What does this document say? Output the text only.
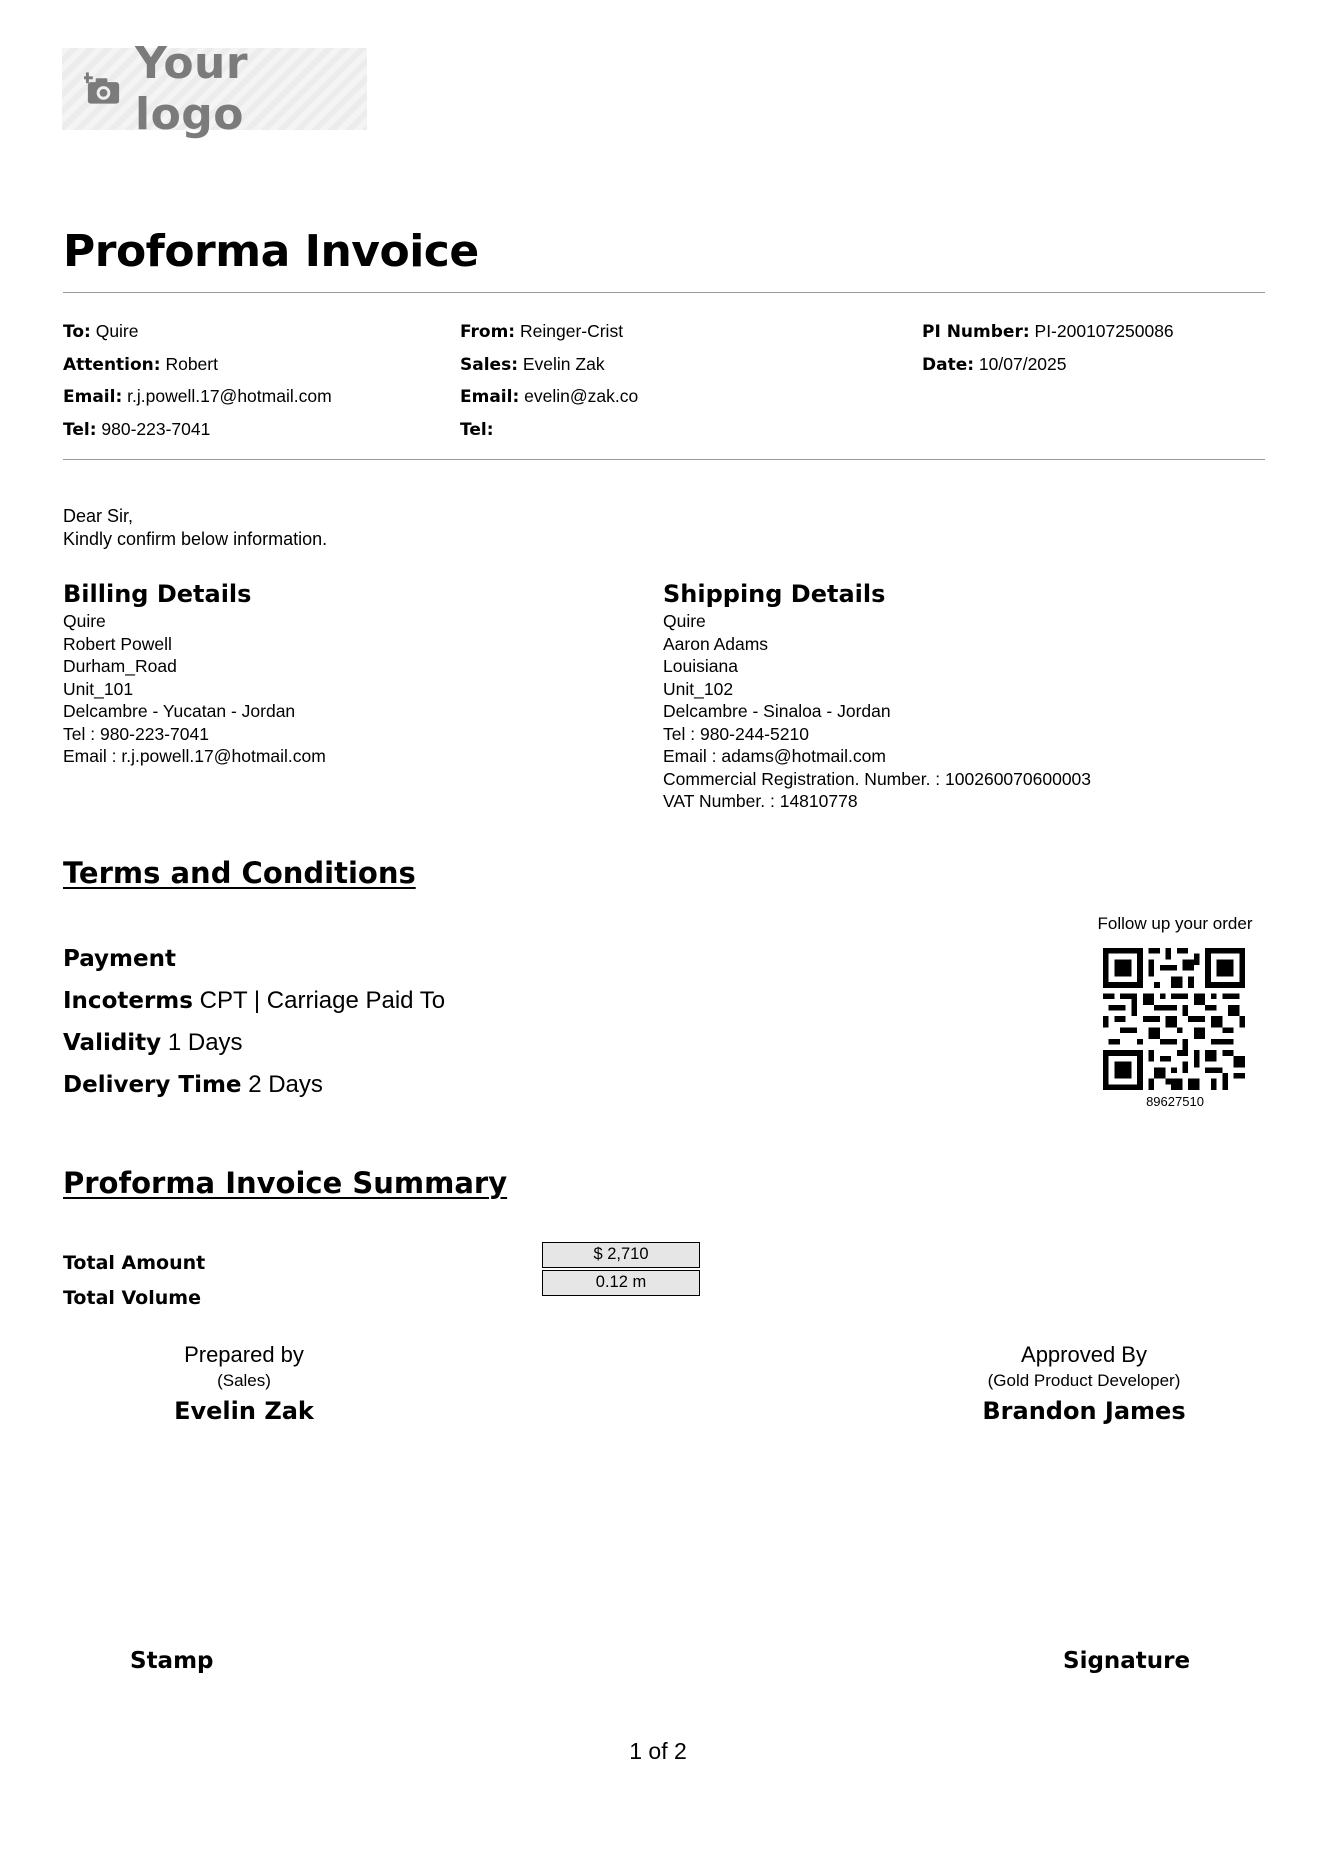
Your logo
Proforma Invoice
To: Quire
Attention: Robert
Email: r.j.powell.17@hotmail.com
Tel: 980-223-7041
From: Reinger-Crist
Sales: Evelin Zak
Email: evelin@zak.co
Tel:
PI Number: PI-200107250086
Date: 10/07/2025
Dear Sir,
Kindly confirm below information.
Billing Details
Quire
Robert Powell
Durham_Road
Unit_101
Delcambre - Yucatan - Jordan
Tel : 980-223-7041
Email : r.j.powell.17@hotmail.com
Shipping Details
Quire
Aaron Adams
Louisiana
Unit_102
Delcambre - Sinaloa - Jordan
Tel : 980-244-5210
Email : adams@hotmail.com
Commercial Registration. Number. : 100260070600003
VAT Number. : 14810778
Terms and Conditions
Payment
Incoterms CPT | Carriage Paid To
Validity 1 Days
Delivery Time 2 Days
Follow up your order
89627510
Proforma Invoice Summary
Total Amount
Total Volume
$ 2,710
0.12 m
Prepared by
(Sales)
Evelin Zak
Approved By
(Gold Product Developer)
Brandon James
Stamp	Signature
1 of 2
